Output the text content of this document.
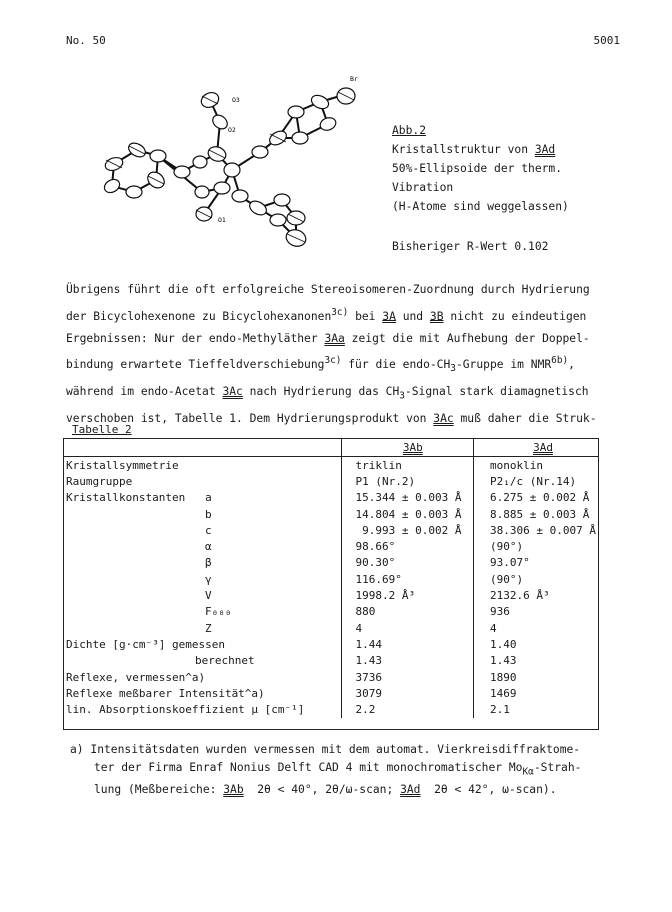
No. 50	5001
Br
O3
O2
O1
Abb.2
Kristallstruktur von 3Ad
50%-Ellipsoide der therm.
Vibration
(H-Atome sind weggelassen)
Bisheriger R-Wert 0.102
Übrigens führt die oft erfolgreiche Stereoisomeren-Zuordnung durch Hydrierung
der Bicyclohexenone zu Bicyclohexanonen$^{3c)}$ bei 3A und 3B nicht zu eindeutigen
Ergebnissen: Nur der endo-Methyläther 3Aa zeigt die mit Aufhebung der Doppel-
bindung erwartete Tieffeldverschiebung$^{3c)}$ für die endo-$CH_3$-Gruppe im $NMR^{6b)}$,
während im endo-Acetat 3Ac nach Hydrierung das $CH_3$-Signal stark diamagnetisch
verschoben ist, Tabelle 1. Dem Hydrierungsprodukt von 3Ac muß daher die Struk-
Tabelle 2
	3Ab	3Ad
Kristallsymmetrie	triklin	monoklin
Raumgruppe	P1 (Nr.2)	P2₁/c (Nr.14)
Kristallkonstanten   a	15.344 ± 0.003 Å	6.275 ± 0.002 Å
b	14.804 ± 0.003 Å	8.885 ± 0.003 Å
c	9.993 ± 0.002 Å	38.306 ± 0.007 Å
α	98.66°	(90°)
β	90.30°	93.07°
γ	116.69°	(90°)
V	1998.2 Å³	2132.6 Å³
F₀₀₀	880	936
Z	4	4
Dichte [g·cm⁻³] gemessen	1.44	1.40
berechnet	1.43	1.43
Reflexe, vermessen^a)	3736	1890
Reflexe meßbarer Intensität^a)	3079	1469
lin. Absorptionskoeffizient μ [cm⁻¹]	2.2	2.1
a) Intensitätsdaten wurden vermessen mit dem automat. Vierkreisdiffraktome-
ter der Firma Enraf Nonius Delft CAD 4 mit monochromatischer $Mo_{K\alpha}-Strah-$
lung (Meßbereiche: 3Ab  2θ < 40°, 2θ/ω-scan; 3Ad  2θ < 42°, ω-scan).
